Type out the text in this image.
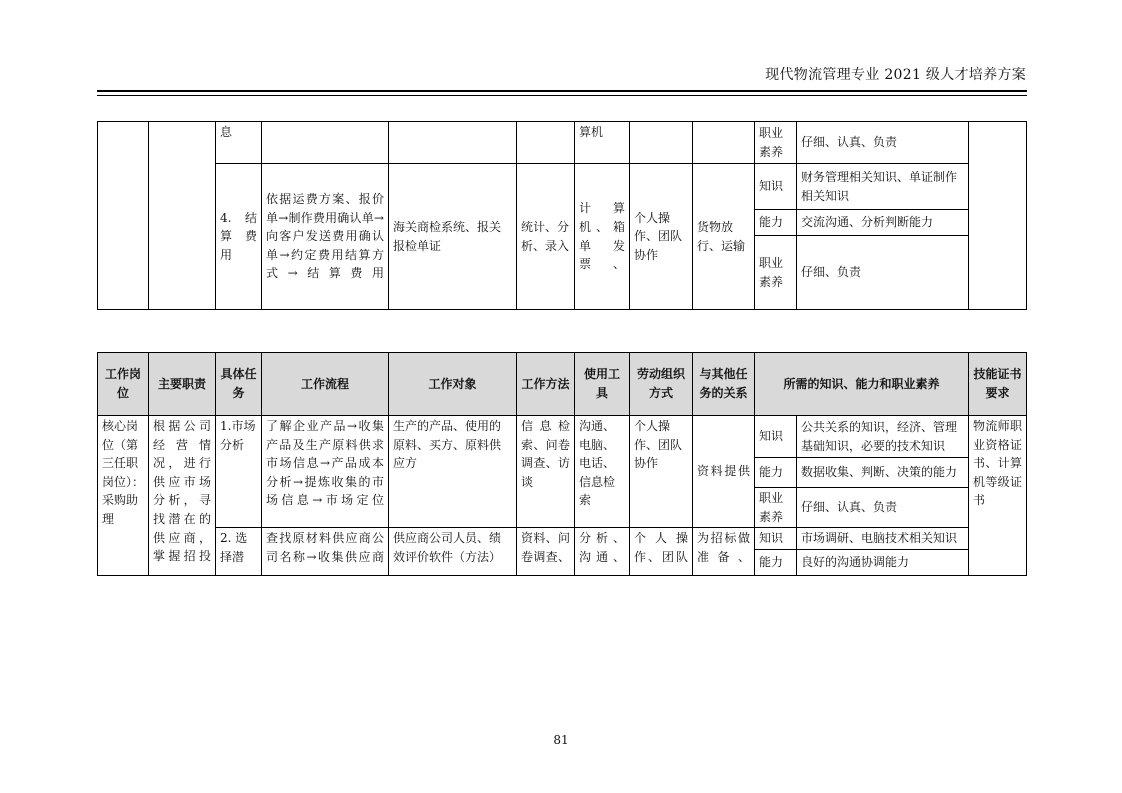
现代物流管理专业 2021 级人才培养方案
		息				算机			职业素养	仔细、认真、负责	
		4. 结算 费用	依据运费方案、报价单→制作费用确认单→向客户发送费用确认单→约定费用结算方式→结算费用	海关商检系统、报关报检单证	统计、分析、录入	计 算机、箱单 发票、	个人操作、团队协作	货物放行、运输	知识	财务管理相关知识、单证制作相关知识	
									能力	交流沟通、分析判断能力	
									职业素养	仔细、负责	
工作岗位	主要职责	具体任务	工作流程	工作对象	工作方法	使用工具	劳动组织方式	与其他任务的关系	所需的知识、能力和职业素养		技能证书要求
核心岗位（第三任职岗位）：采购助理	根据公司经营情况，进行供应市场分析，寻找潜在的供应商，掌握招投	1.市场分析	了解企业产品→收集产品及生产原料供求市场信息→产品成本分析→提炼收集的市场信息→市场定位	生产的产品、使用的原料、买方、原料供应方	信息检索、问卷调查、访谈	沟通、电脑、电话、信息检索	个人操作、团队协作	资料提供	知识	公共关系的知识，经济、管理基础知识，必要的技术知识	物流师职业资格证书、计算机等级证书
									能力	数据收集、判断、决策的能力	
									职业素养	仔细、认真、负责	
		2. 选择潜	查找原材料供应商公司名称→收集供应商	供应商公司人员、绩效评价软件（方法）	资料、问卷调查、	分析、沟通、	个人操作、团队	为招标做准备、	知识	市场调研、电脑技术相关知识	
									能力	良好的沟通协调能力	
81
